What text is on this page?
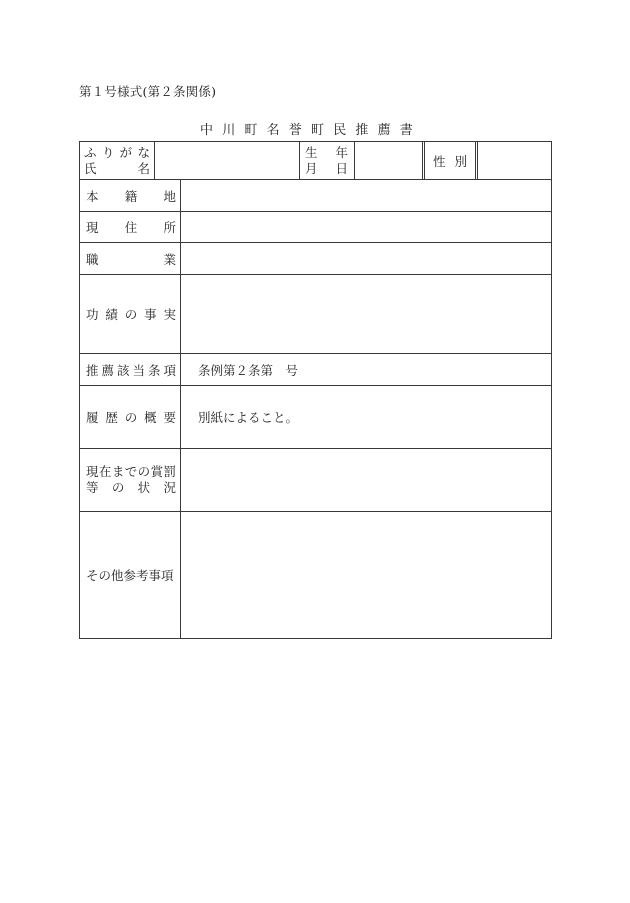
第１号様式(第２条関係)
中川町名誉町民推薦書
ふりがな
氏名
生年
月日	性別
本籍地
現住所
職業
功績の事実
推薦該当条項 条例第２条第　号
履歴の概要 別紙によること。
現在までの賞罰
等の状況
その他参考事項
